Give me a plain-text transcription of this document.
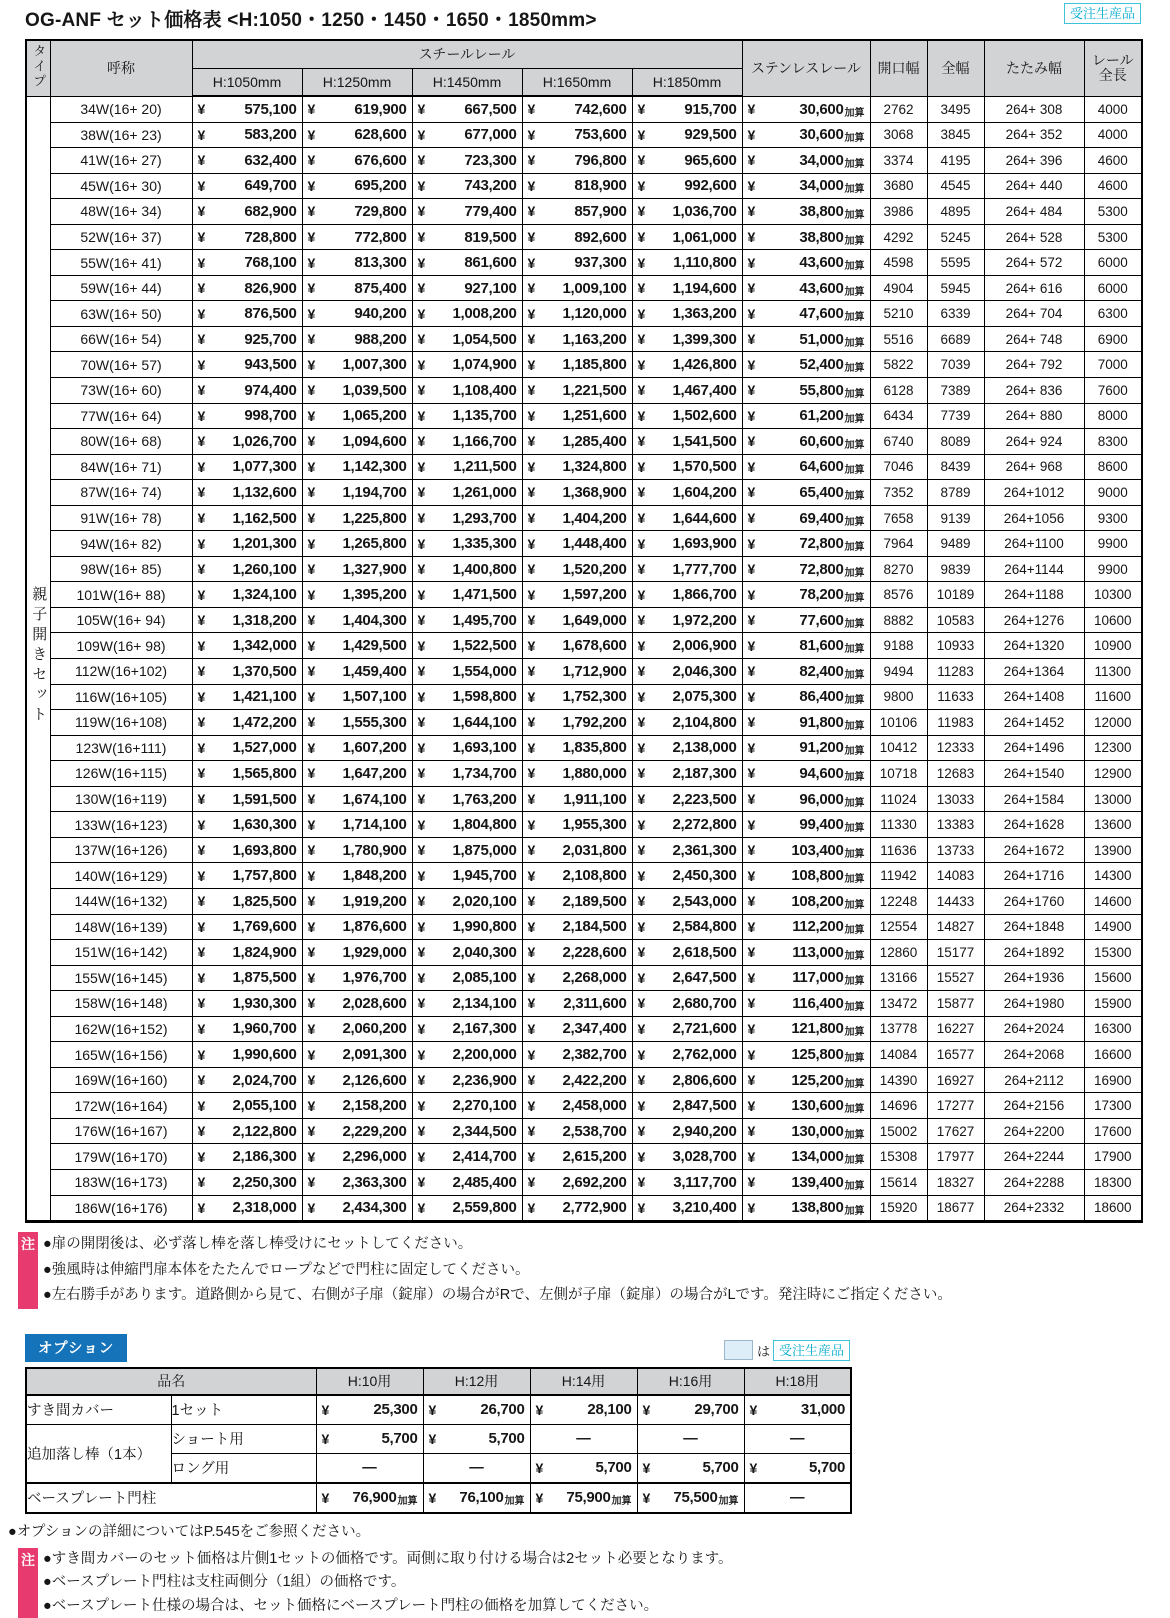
OG-ANF セット価格表 <H:1050・1250・1450・1650・1850mm>	受注生産品
タイプ	呼称	スチールレール					ステンレスレール	開口幅	全幅	たたみ幅	レール
全長
		H:1050mm	H:1250mm	H:1450mm	H:1650mm	H:1850mm					
親子開きセット	34W(16+ 20)	¥ 575,100	¥ 619,900	¥ 667,500	¥ 742,600	¥ 915,700	¥ 30,600 加算	2762	3495	264+ 308	4000
	38W(16+ 23)	¥ 583,200	¥ 628,600	¥ 677,000	¥ 753,600	¥ 929,500	¥ 30,600 加算	3068	3845	264+ 352	4000
	41W(16+ 27)	¥ 632,400	¥ 676,600	¥ 723,300	¥ 796,800	¥ 965,600	¥ 34,000 加算	3374	4195	264+ 396	4600
	45W(16+ 30)	¥ 649,700	¥ 695,200	¥ 743,200	¥ 818,900	¥ 992,600	¥ 34,000 加算	3680	4545	264+ 440	4600
	48W(16+ 34)	¥ 682,900	¥ 729,800	¥ 779,400	¥ 857,900	¥ 1,036,700	¥ 38,800 加算	3986	4895	264+ 484	5300
	52W(16+ 37)	¥ 728,800	¥ 772,800	¥ 819,500	¥ 892,600	¥ 1,061,000	¥ 38,800 加算	4292	5245	264+ 528	5300
	55W(16+ 41)	¥ 768,100	¥ 813,300	¥ 861,600	¥ 937,300	¥ 1,110,800	¥ 43,600 加算	4598	5595	264+ 572	6000
	59W(16+ 44)	¥ 826,900	¥ 875,400	¥ 927,100	¥ 1,009,100	¥ 1,194,600	¥ 43,600 加算	4904	5945	264+ 616	6000
	63W(16+ 50)	¥ 876,500	¥ 940,200	¥ 1,008,200	¥ 1,120,000	¥ 1,363,200	¥ 47,600 加算	5210	6339	264+ 704	6300
	66W(16+ 54)	¥ 925,700	¥ 988,200	¥ 1,054,500	¥ 1,163,200	¥ 1,399,300	¥ 51,000 加算	5516	6689	264+ 748	6900
	70W(16+ 57)	¥ 943,500	¥ 1,007,300	¥ 1,074,900	¥ 1,185,800	¥ 1,426,800	¥ 52,400 加算	5822	7039	264+ 792	7000
	73W(16+ 60)	¥ 974,400	¥ 1,039,500	¥ 1,108,400	¥ 1,221,500	¥ 1,467,400	¥ 55,800 加算	6128	7389	264+ 836	7600
	77W(16+ 64)	¥ 998,700	¥ 1,065,200	¥ 1,135,700	¥ 1,251,600	¥ 1,502,600	¥ 61,200 加算	6434	7739	264+ 880	8000
	80W(16+ 68)	¥ 1,026,700	¥ 1,094,600	¥ 1,166,700	¥ 1,285,400	¥ 1,541,500	¥ 60,600 加算	6740	8089	264+ 924	8300
	84W(16+ 71)	¥ 1,077,300	¥ 1,142,300	¥ 1,211,500	¥ 1,324,800	¥ 1,570,500	¥ 64,600 加算	7046	8439	264+ 968	8600
	87W(16+ 74)	¥ 1,132,600	¥ 1,194,700	¥ 1,261,000	¥ 1,368,900	¥ 1,604,200	¥ 65,400 加算	7352	8789	264+1012	9000
	91W(16+ 78)	¥ 1,162,500	¥ 1,225,800	¥ 1,293,700	¥ 1,404,200	¥ 1,644,600	¥ 69,400 加算	7658	9139	264+1056	9300
	94W(16+ 82)	¥ 1,201,300	¥ 1,265,800	¥ 1,335,300	¥ 1,448,400	¥ 1,693,900	¥ 72,800 加算	7964	9489	264+1100	9900
	98W(16+ 85)	¥ 1,260,100	¥ 1,327,900	¥ 1,400,800	¥ 1,520,200	¥ 1,777,700	¥ 72,800 加算	8270	9839	264+1144	9900
	101W(16+ 88)	¥ 1,324,100	¥ 1,395,200	¥ 1,471,500	¥ 1,597,200	¥ 1,866,700	¥ 78,200 加算	8576	10189	264+1188	10300
	105W(16+ 94)	¥ 1,318,200	¥ 1,404,300	¥ 1,495,700	¥ 1,649,000	¥ 1,972,200	¥ 77,600 加算	8882	10583	264+1276	10600
	109W(16+ 98)	¥ 1,342,000	¥ 1,429,500	¥ 1,522,500	¥ 1,678,600	¥ 2,006,900	¥ 81,600 加算	9188	10933	264+1320	10900
	112W(16+102)	¥ 1,370,500	¥ 1,459,400	¥ 1,554,000	¥ 1,712,900	¥ 2,046,300	¥ 82,400 加算	9494	11283	264+1364	11300
	116W(16+105)	¥ 1,421,100	¥ 1,507,100	¥ 1,598,800	¥ 1,752,300	¥ 2,075,300	¥ 86,400 加算	9800	11633	264+1408	11600
	119W(16+108)	¥ 1,472,200	¥ 1,555,300	¥ 1,644,100	¥ 1,792,200	¥ 2,104,800	¥ 91,800 加算	10106	11983	264+1452	12000
	123W(16+111)	¥ 1,527,000	¥ 1,607,200	¥ 1,693,100	¥ 1,835,800	¥ 2,138,000	¥ 91,200 加算	10412	12333	264+1496	12300
	126W(16+115)	¥ 1,565,800	¥ 1,647,200	¥ 1,734,700	¥ 1,880,000	¥ 2,187,300	¥ 94,600 加算	10718	12683	264+1540	12900
	130W(16+119)	¥ 1,591,500	¥ 1,674,100	¥ 1,763,200	¥ 1,911,100	¥ 2,223,500	¥ 96,000 加算	11024	13033	264+1584	13000
	133W(16+123)	¥ 1,630,300	¥ 1,714,100	¥ 1,804,800	¥ 1,955,300	¥ 2,272,800	¥ 99,400 加算	11330	13383	264+1628	13600
	137W(16+126)	¥ 1,693,800	¥ 1,780,900	¥ 1,875,000	¥ 2,031,800	¥ 2,361,300	¥ 103,400 加算	11636	13733	264+1672	13900
	140W(16+129)	¥ 1,757,800	¥ 1,848,200	¥ 1,945,700	¥ 2,108,800	¥ 2,450,300	¥ 108,800 加算	11942	14083	264+1716	14300
	144W(16+132)	¥ 1,825,500	¥ 1,919,200	¥ 2,020,100	¥ 2,189,500	¥ 2,543,000	¥ 108,200 加算	12248	14433	264+1760	14600
	148W(16+139)	¥ 1,769,600	¥ 1,876,600	¥ 1,990,800	¥ 2,184,500	¥ 2,584,800	¥ 112,200 加算	12554	14827	264+1848	14900
	151W(16+142)	¥ 1,824,900	¥ 1,929,000	¥ 2,040,300	¥ 2,228,600	¥ 2,618,500	¥ 113,000 加算	12860	15177	264+1892	15300
	155W(16+145)	¥ 1,875,500	¥ 1,976,700	¥ 2,085,100	¥ 2,268,000	¥ 2,647,500	¥ 117,000 加算	13166	15527	264+1936	15600
	158W(16+148)	¥ 1,930,300	¥ 2,028,600	¥ 2,134,100	¥ 2,311,600	¥ 2,680,700	¥ 116,400 加算	13472	15877	264+1980	15900
	162W(16+152)	¥ 1,960,700	¥ 2,060,200	¥ 2,167,300	¥ 2,347,400	¥ 2,721,600	¥ 121,800 加算	13778	16227	264+2024	16300
	165W(16+156)	¥ 1,990,600	¥ 2,091,300	¥ 2,200,000	¥ 2,382,700	¥ 2,762,000	¥ 125,800 加算	14084	16577	264+2068	16600
	169W(16+160)	¥ 2,024,700	¥ 2,126,600	¥ 2,236,900	¥ 2,422,200	¥ 2,806,600	¥ 125,200 加算	14390	16927	264+2112	16900
	172W(16+164)	¥ 2,055,100	¥ 2,158,200	¥ 2,270,100	¥ 2,458,000	¥ 2,847,500	¥ 130,600 加算	14696	17277	264+2156	17300
	176W(16+167)	¥ 2,122,800	¥ 2,229,200	¥ 2,344,500	¥ 2,538,700	¥ 2,940,200	¥ 130,000 加算	15002	17627	264+2200	17600
	179W(16+170)	¥ 2,186,300	¥ 2,296,000	¥ 2,414,700	¥ 2,615,200	¥ 3,028,700	¥ 134,000 加算	15308	17977	264+2244	17900
	183W(16+173)	¥ 2,250,300	¥ 2,363,300	¥ 2,485,400	¥ 2,692,200	¥ 3,117,700	¥ 139,400 加算	15614	18327	264+2288	18300
	186W(16+176)	¥ 2,318,000	¥ 2,434,300	¥ 2,559,800	¥ 2,772,900	¥ 3,210,400	¥ 138,800 加算	15920	18677	264+2332	18600
注 ●扉の開閉後は、必ず落し棒を落し棒受けにセットしてください。
●強風時は伸縮門扉本体をたたんでロープなどで門柱に固定してください。
●左右勝手があります。道路側から見て、右側が子扉（錠扉）の場合がRで、左側が子扉（錠扉）の場合がLです。発注時にご指定ください。
オプション	は 受注生産品
品名		H:10用	H:12用	H:14用	H:16用	H:18用
すき間カバー	1セット	¥ 25,300	¥ 26,700	¥ 28,100	¥ 29,700	¥ 31,000

追加落し棒（1本）	ショート用	¥ 5,700	¥ 5,700	―	―	―
	ロング用	―	―	¥ 5,700	¥ 5,700	¥ 5,700

ベースプレート門柱		¥ 76,900 加算	¥ 76,100 加算	¥ 75,900 加算	¥ 75,500 加算	―
●オプションの詳細についてはP.545をご参照ください。
注 ●すき間カバーのセット価格は片側1セットの価格です。両側に取り付ける場合は2セット必要となります。
●ベースプレート門柱は支柱両側分（1組）の価格です。
●ベースプレート仕様の場合は、セット価格にベースプレート門柱の価格を加算してください。
